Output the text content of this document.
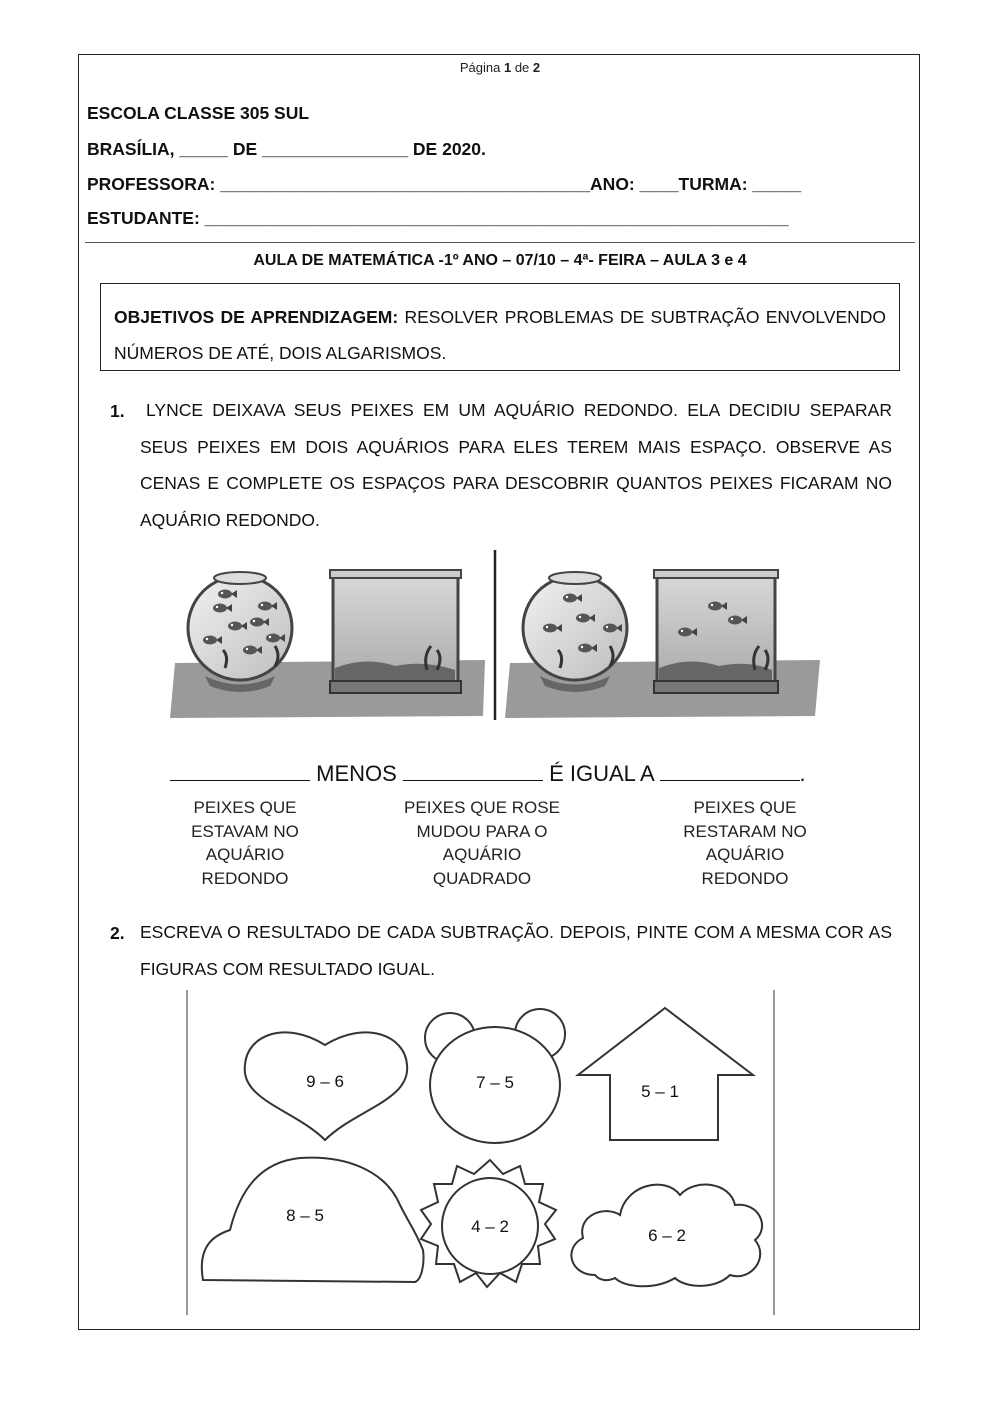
Página 1 de 2
ESCOLA CLASSE 305 SUL
BRASÍLIA, _____ DE _______________ DE 2020.
PROFESSORA: ______________________________________ANO: ____TURMA: _____
ESTUDANTE: ____________________________________________________________
AULA DE MATEMÁTICA -1º ANO – 07/10 – 4ª- FEIRA – AULA 3 e 4
OBJETIVOS DE APRENDIZAGEM: RESOLVER PROBLEMAS DE SUBTRAÇÃO ENVOLVENDO NÚMEROS DE ATÉ, DOIS ALGARISMOS.
1.	LYNCE DEIXAVA SEUS PEIXES EM UM AQUÁRIO REDONDO. ELA DECIDIU SEPARAR SEUS PEIXES EM DOIS AQUÁRIOS PARA ELES TEREM MAIS ESPAÇO. OBSERVE AS CENAS E COMPLETE OS ESPAÇOS PARA DESCOBRIR QUANTOS PEIXES FICARAM NO AQUÁRIO REDONDO.
MENOS	É IGUAL A	.
PEIXES QUE ESTAVAM NO AQUÁRIO REDONDO
PEIXES QUE ROSE MUDOU PARA O AQUÁRIO QUADRADO
PEIXES QUE RESTARAM NO AQUÁRIO REDONDO
2. ESCREVA O RESULTADO DE CADA SUBTRAÇÃO. DEPOIS, PINTE COM A MESMA COR AS FIGURAS COM RESULTADO IGUAL.
9 – 6	7 – 5	5 – 1
8 – 5
4 – 2	6 – 2
